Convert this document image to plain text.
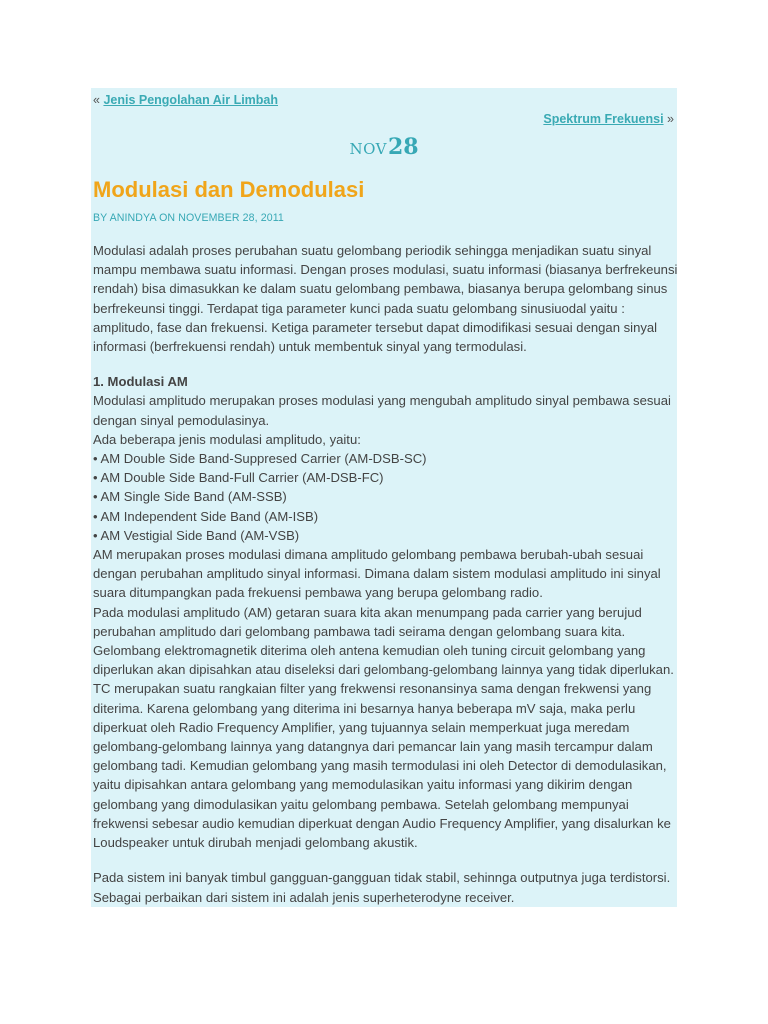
« Jenis Pengolahan Air Limbah
Spektrum Frekuensi »
NOV28
Modulasi dan Demodulasi
BY ANINDYA ON NOVEMBER 28, 2011

Modulasi adalah proses perubahan suatu gelombang periodik sehingga menjadikan suatu sinyal mampu membawa suatu informasi. Dengan proses modulasi, suatu informasi (biasanya berfrekeunsi rendah) bisa dimasukkan ke dalam suatu gelombang pembawa, biasanya berupa gelombang sinus berfrekeunsi tinggi. Terdapat tiga parameter kunci pada suatu gelombang sinusiuodal yaitu : amplitudo, fase dan frekuensi. Ketiga parameter tersebut dapat dimodifikasi sesuai dengan sinyal informasi (berfrekuensi rendah) untuk membentuk sinyal yang termodulasi.

1. Modulasi AM

Modulasi amplitudo merupakan proses modulasi yang mengubah amplitudo sinyal pembawa sesuai dengan sinyal pemodulasinya.

Ada beberapa jenis modulasi amplitudo, yaitu:

• AM Double Side Band-Suppresed Carrier (AM-DSB-SC)

• AM Double Side Band-Full Carrier (AM-DSB-FC)

• AM Single Side Band (AM-SSB)

• AM Independent Side Band (AM-ISB)

• AM Vestigial Side Band (AM-VSB)

AM merupakan proses modulasi dimana amplitudo gelombang pembawa berubah-ubah sesuai dengan perubahan amplitudo sinyal informasi. Dimana dalam sistem modulasi amplitudo ini sinyal suara ditumpangkan pada frekuensi pembawa yang berupa gelombang radio.

Pada modulasi amplitudo (AM) getaran suara kita akan menumpang pada carrier yang berujud perubahan amplitudo dari gelombang pambawa tadi seirama dengan gelombang suara kita. Gelombang elektromagnetik diterima oleh antena kemudian oleh tuning circuit gelombang yang diperlukan akan dipisahkan atau diseleksi dari gelombang-gelombang lainnya yang tidak diperlukan. TC merupakan suatu rangkaian filter yang frekwensi resonansinya sama dengan frekwensi yang diterima. Karena gelombang yang diterima ini besarnya hanya beberapa mV saja, maka perlu diperkuat oleh Radio Frequency Amplifier, yang tujuannya selain memperkuat juga meredam gelombang-gelombang lainnya yang datangnya dari pemancar lain yang masih tercampur dalam gelombang tadi. Kemudian gelombang yang masih termodulasi ini oleh Detector di demodulasikan, yaitu dipisahkan antara gelombang yang memodulasikan yaitu informasi yang dikirim dengan gelombang yang dimodulasikan yaitu gelombang pembawa. Setelah gelombang mempunyai frekwensi sebesar audio kemudian diperkuat dengan Audio Frequency Amplifier, yang disalurkan ke Loudspeaker untuk dirubah menjadi gelombang akustik.

Pada sistem ini banyak timbul gangguan-gangguan tidak stabil, sehinnga outputnya juga terdistorsi. Sebagai perbaikan dari sistem ini adalah jenis superheterodyne receiver.
